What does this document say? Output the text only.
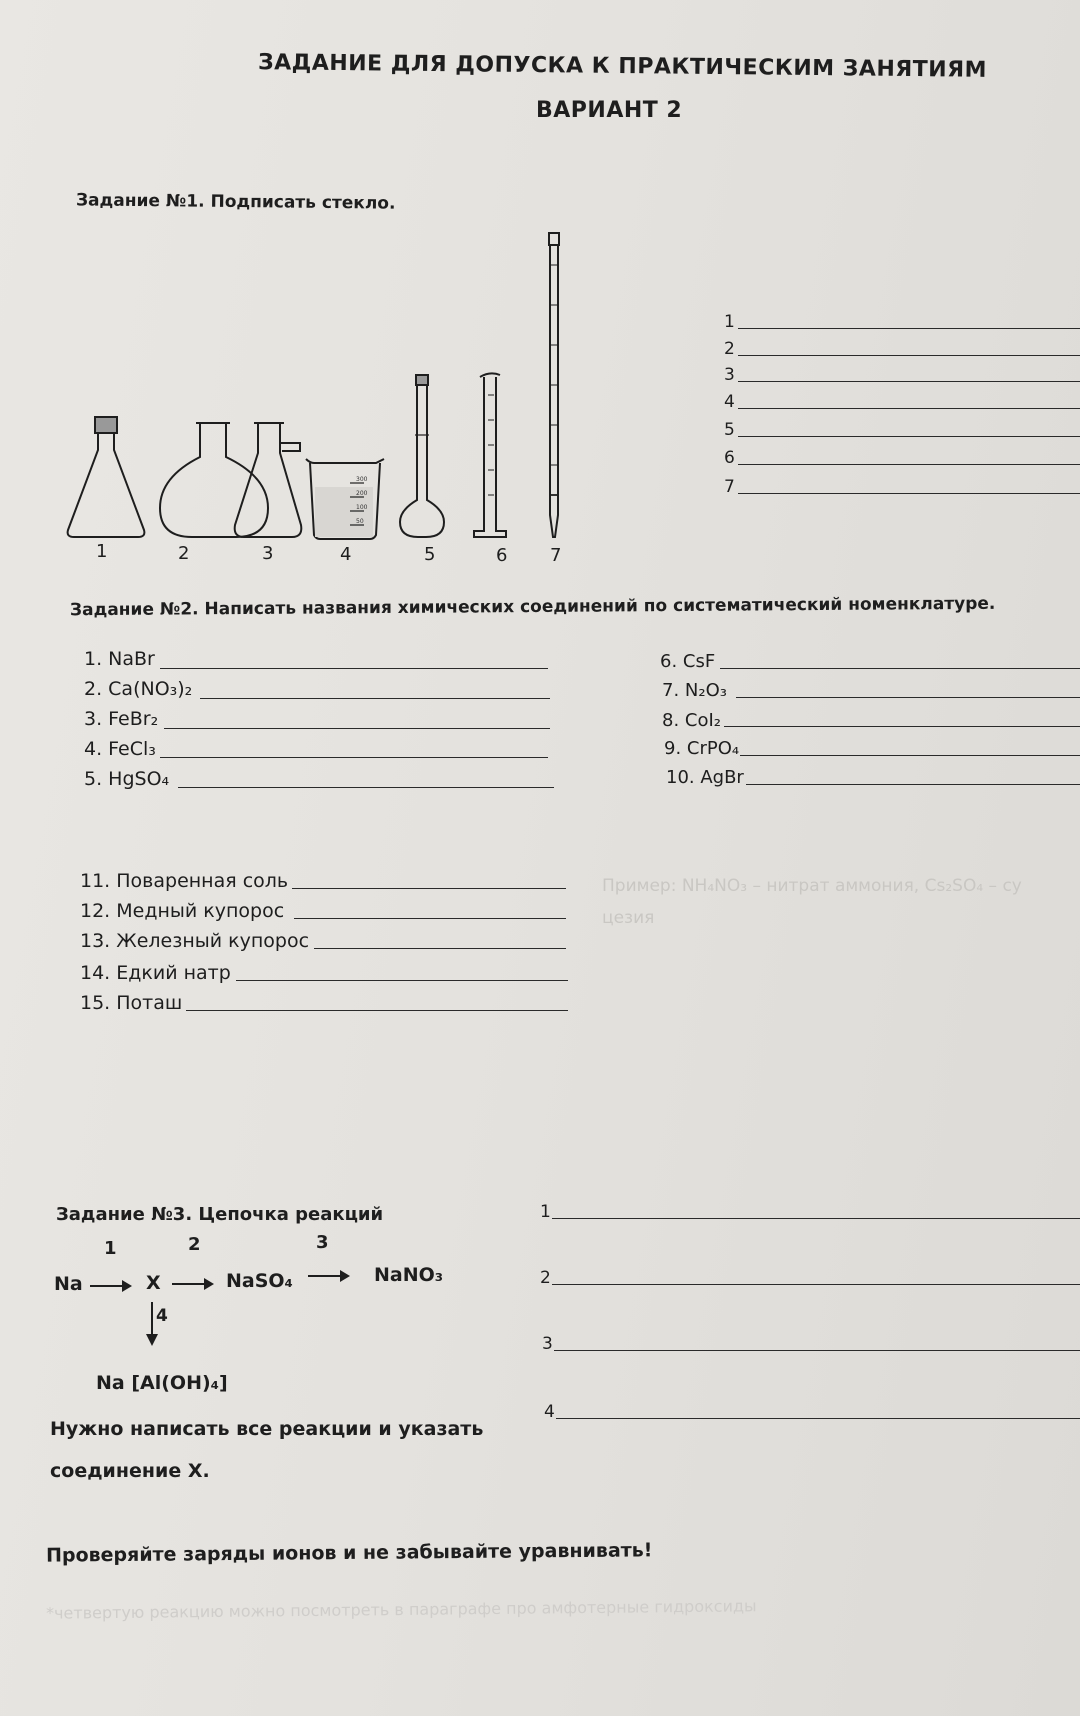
ЗАДАНИЕ ДЛЯ ДОПУСКА К ПРАКТИЧЕСКИМ ЗАНЯТИЯМ
ВАРИАНТ 2
Задание №1. Подписать стекло.
300
200
100
50
1	2	3	4	5	6 7
1
2
3
4
5
6
7
Задание №2. Написать названия химических соединений по систематический номенклатуре.
1. NaBr
2. Ca(NO₃)₂
3. FeBr₂
4. FeCl₃
5. HgSO₄
6. CsF
7. N₂O₃
8. CoI₂
9. CrPO₄
10. AgBr
11. Поваренная соль
12. Медный купорос
13. Железный купорос
14. Едкий натр
15. Поташ
Пример: NH₄NO₃ – нитрат аммония, Cs₂SO₄ – су
цезия
Задание №3. Цепочка реакций
1	2	3
Na	X	NaSO₄	NaNO₃
4
Na [Al(OH)₄]
Нужно написать все реакции и указать
соединение X.
1
2
3
4
Проверяйте заряды ионов и не забывайте уравнивать!
*четвертую реакцию можно посмотреть в параграфе про амфотерные гидроксиды
